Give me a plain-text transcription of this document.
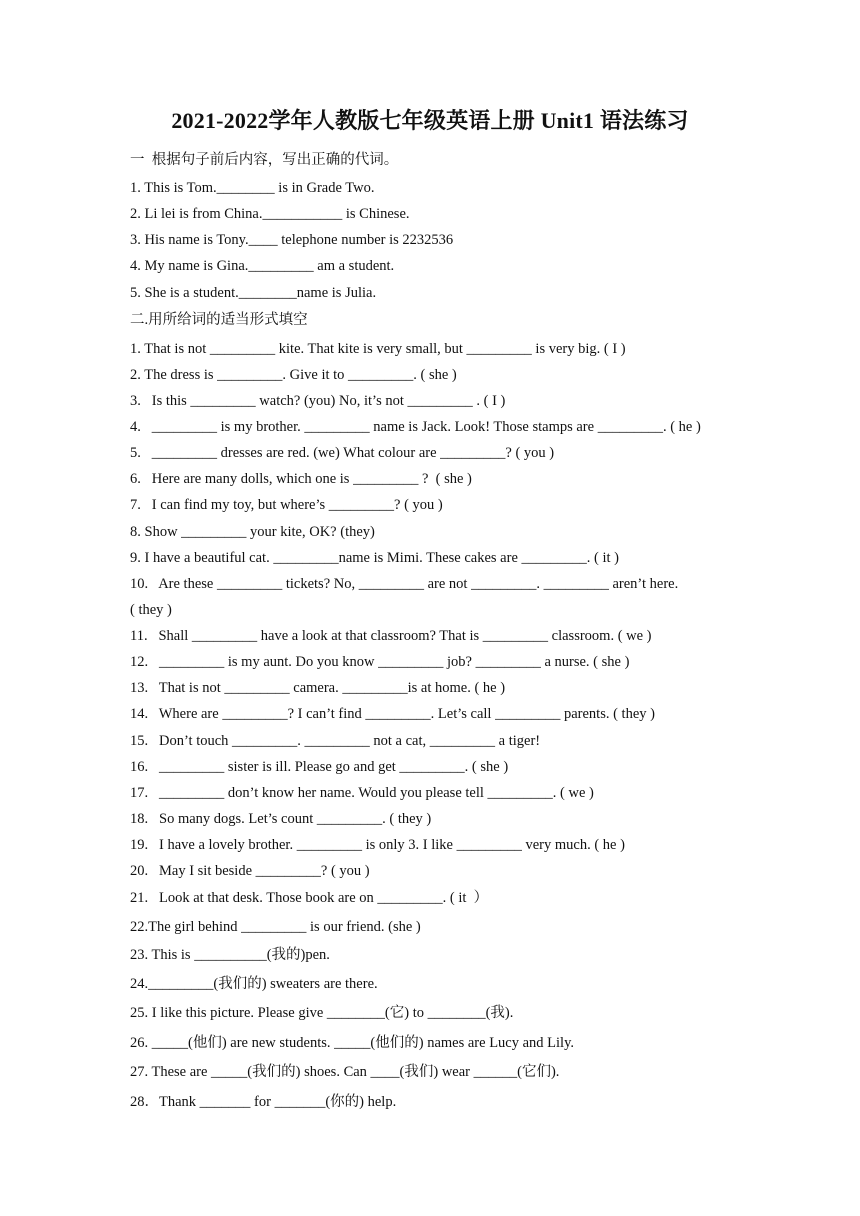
2021-2022学年人教版七年级英语上册 Unit1 语法练习
一  根据句子前后内容，写出正确的代词。
1. This is Tom.________ is in Grade Two.
2. Li lei is from China.___________ is Chinese.
3. His name is Tony.____ telephone number is 2232536
4. My name is Gina._________ am a student.
5. She is a student.________name is Julia.
二.用所给词的适当形式填空
1. That is not _________ kite. That kite is very small, but _________ is very big. ( I )
2. The dress is _________. Give it to _________. ( she )
3.   Is this _________ watch? (you) No, it’s not _________ . ( I )
4.   _________ is my brother. _________ name is Jack. Look! Those stamps are _________. ( he )
5.   _________ dresses are red. (we) What colour are _________? ( you )
6.   Here are many dolls, which one is _________ ?  ( she )
7.   I can find my toy, but where’s _________? ( you )
8. Show _________ your kite, OK? (they)
9. I have a beautiful cat. _________name is Mimi. These cakes are _________. ( it )
10.   Are these _________ tickets? No, _________ are not _________. _________ aren’t here.
( they )
11.   Shall _________ have a look at that classroom? That is _________ classroom. ( we )
12.   _________ is my aunt. Do you know _________ job? _________ a nurse. ( she )
13.   That is not _________ camera. _________is at home. ( he )
14.   Where are _________? I can’t find _________. Let’s call _________ parents. ( they )
15.   Don’t touch _________. _________ not a cat, _________ a tiger!
16.   _________ sister is ill. Please go and get _________. ( she )
17.   _________ don’t know her name. Would you please tell _________. ( we )
18.   So many dogs. Let’s count _________. ( they )
19.   I have a lovely brother. _________ is only 3. I like _________ very much. ( he )
20.   May I sit beside _________? ( you )
21.   Look at that desk. Those book are on _________. ( it  ）
22.The girl behind _________ is our friend. (she )
23. This is __________(我的)pen.
24._________(我们的) sweaters are there.
25. I like this picture. Please give ________(它) to ________(我).
26. _____(他们) are new students. _____(他们的) names are Lucy and Lily.
27. These are _____(我们的) shoes. Can ____(我们) wear ______(它们).
28．Thank _______ for _______(你的) help.
